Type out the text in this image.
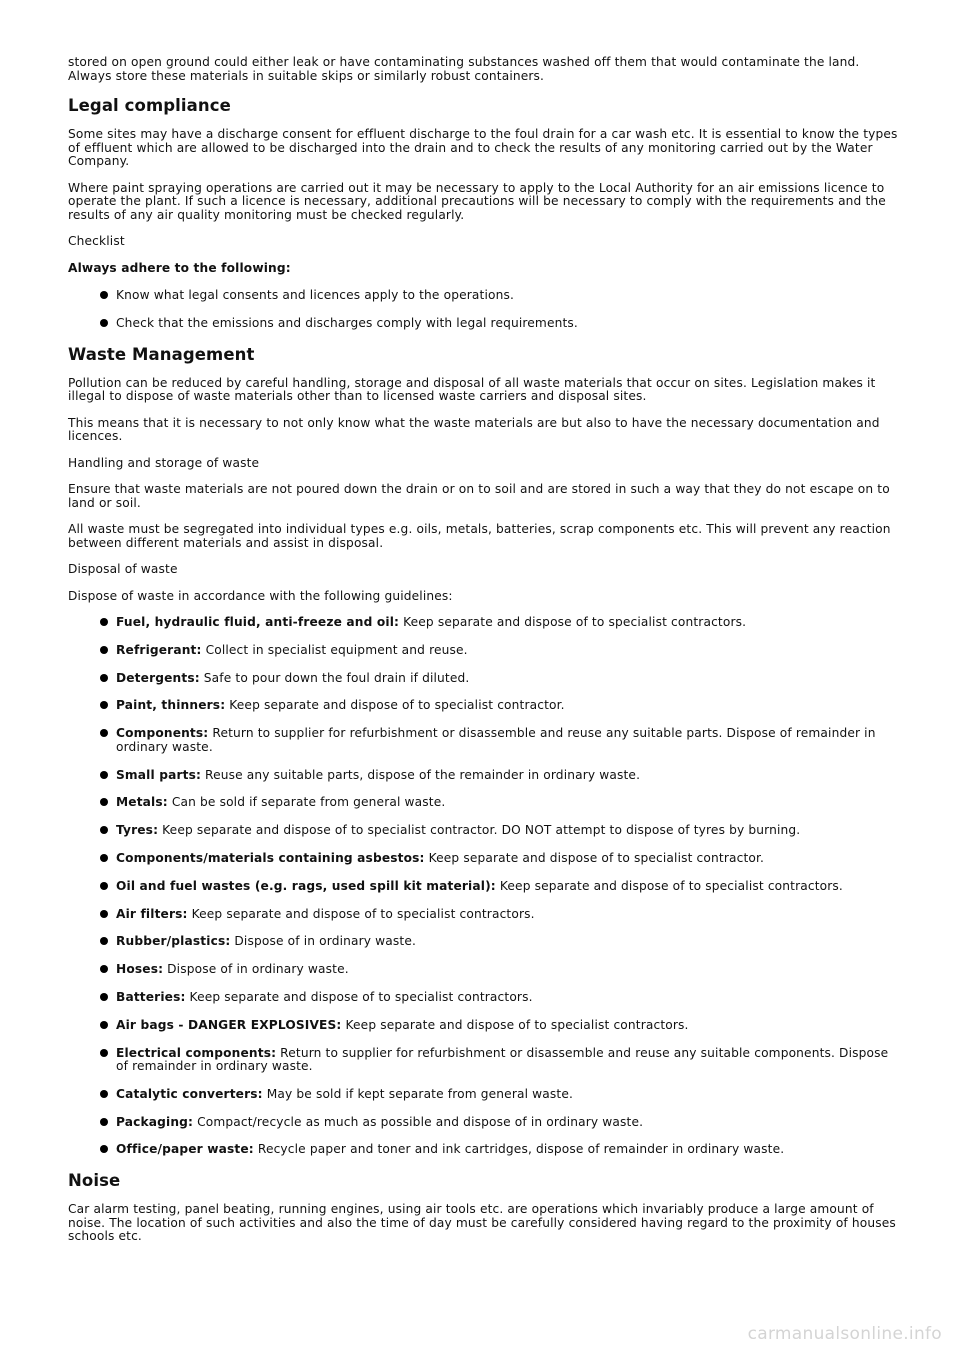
stored on open ground could either leak or have contaminating substances washed off them that would contaminate the land. Always store these materials in suitable skips or similarly robust containers.

Legal compliance

Some sites may have a discharge consent for effluent discharge to the foul drain for a car wash etc. It is essential to know the types of effluent which are allowed to be discharged into the drain and to check the results of any monitoring carried out by the Water Company.

Where paint spraying operations are carried out it may be necessary to apply to the Local Authority for an air emissions licence to operate the plant. If such a licence is necessary, additional precautions will be necessary to comply with the requirements and the results of any air quality monitoring must be checked regularly.

Checklist

Always adhere to the following:

Know what legal consents and licences apply to the operations.
Check that the emissions and discharges comply with legal requirements.
Waste Management

Pollution can be reduced by careful handling, storage and disposal of all waste materials that occur on sites. Legislation makes it illegal to dispose of waste materials other than to licensed waste carriers and disposal sites.

This means that it is necessary to not only know what the waste materials are but also to have the necessary documentation and licences.

Handling and storage of waste

Ensure that waste materials are not poured down the drain or on to soil and are stored in such a way that they do not escape on to land or soil.

All waste must be segregated into individual types e.g. oils, metals, batteries, scrap components etc. This will prevent any reaction between different materials and assist in disposal.

Disposal of waste

Dispose of waste in accordance with the following guidelines:

Fuel, hydraulic fluid, anti-freeze and oil: Keep separate and dispose of to specialist contractors.
Refrigerant: Collect in specialist equipment and reuse.
Detergents: Safe to pour down the foul drain if diluted.
Paint, thinners: Keep separate and dispose of to specialist contractor.
Components: Return to supplier for refurbishment or disassemble and reuse any suitable parts. Dispose of remainder in ordinary waste.
Small parts: Reuse any suitable parts, dispose of the remainder in ordinary waste.
Metals: Can be sold if separate from general waste.
Tyres: Keep separate and dispose of to specialist contractor. DO NOT attempt to dispose of tyres by burning.
Components/materials containing asbestos: Keep separate and dispose of to specialist contractor.
Oil and fuel wastes (e.g. rags, used spill kit material): Keep separate and dispose of to specialist contractors.
Air filters: Keep separate and dispose of to specialist contractors.
Rubber/plastics: Dispose of in ordinary waste.
Hoses: Dispose of in ordinary waste.
Batteries: Keep separate and dispose of to specialist contractors.
Air bags - DANGER EXPLOSIVES: Keep separate and dispose of to specialist contractors.
Electrical components: Return to supplier for refurbishment or disassemble and reuse any suitable components. Dispose of remainder in ordinary waste.
Catalytic converters: May be sold if kept separate from general waste.
Packaging: Compact/recycle as much as possible and dispose of in ordinary waste.
Office/paper waste: Recycle paper and toner and ink cartridges, dispose of remainder in ordinary waste.
Noise

Car alarm testing, panel beating, running engines, using air tools etc. are operations which invariably produce a large amount of noise. The location of such activities and also the time of day must be carefully considered having regard to the proximity of houses schools etc.

carmanualsonline.info
